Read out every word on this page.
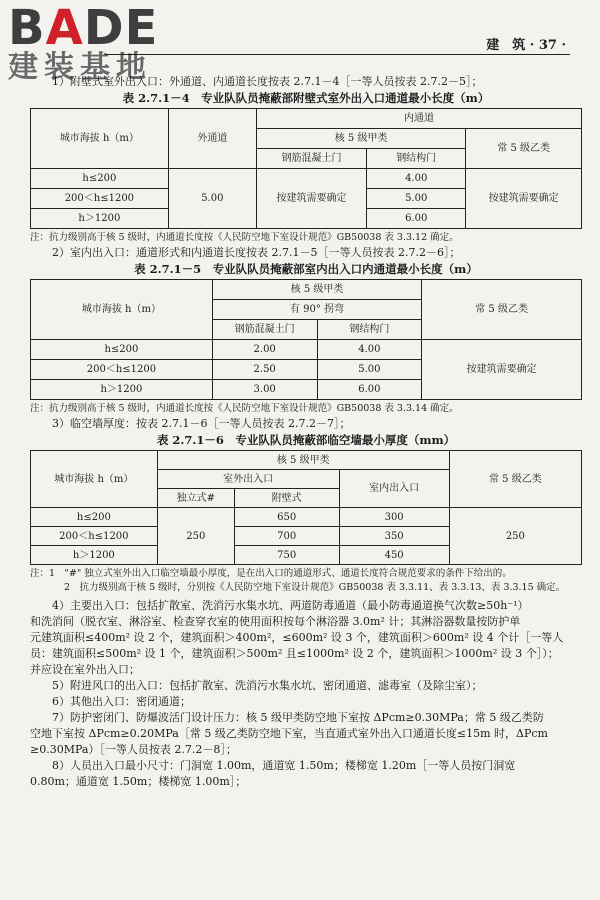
BADE
建装基地
建　筑 · 37 ·

1）附壁式室外出入口：外通道、内通道长度按表 2.7.1－4［一等人员按表 2.7.2－5］；

表 2.7.1－4　专业队队员掩蔽部附壁式室外出入口通道最小长度（m）
城市海拔 h（m）	外通道	内通道		
		核 5 级甲类		常 5 级乙类
		钢筋混凝土门	钢结构门	
h≤200	5.00	按建筑需要确定	4.00	按建筑需要确定
200＜h≤1200			5.00	
h＞1200			6.00	

注：抗力级别高于核 5 级时，内通道长度按《人民防空地下室设计规范》GB50038 表 3.3.12 确定。

2）室内出入口：通道形式和内通道长度按表 2.7.1－5［一等人员按表 2.7.2－6］；

表 2.7.1－5　专业队队员掩蔽部室内出入口内通道最小长度（m）
城市海拔 h（m）	核 5 级甲类		常 5 级乙类
	有 90° 拐弯		
	钢筋混凝土门	钢结构门	
h≤200	2.00	4.00	按建筑需要确定
200＜h≤1200	2.50	5.00	
h＞1200	3.00	6.00	

注：抗力级别高于核 5 级时，内通道长度按《人民防空地下室设计规范》GB50038 表 3.3.14 确定。

3）临空墙厚度：按表 2.7.1－6［一等人员按表 2.7.2－7］；

表 2.7.1－6　专业队队员掩蔽部临空墙最小厚度（mm）
城市海拔 h（m）	核 5 级甲类			常 5 级乙类
	室外出入口		室内出入口	
	独立式#	附壁式		
h≤200	250	650	300	250
200＜h≤1200		700	350	
h＞1200		750	450	

注：1　"#" 独立式室外出入口临空墙最小厚度，是在出入口的通道形式、通道长度符合规范要求的条件下给出的。

2　抗力级别高于核 5 级时，分别按《人民防空地下室设计规范》GB50038 表 3.3.11、表 3.3.13、表 3.3.15 确定。

4）主要出入口：包括扩散室、洗消污水集水坑、两道防毒通道（最小防毒通道换气次数≥50h⁻¹）

和洗消间（脱衣室、淋浴室、检查穿衣室的使用面积按每个淋浴器 3.0m² 计；其淋浴器数量按防护单

元建筑面积≤400m² 设 2 个，建筑面积＞400m²，≤600m² 设 3 个，建筑面积＞600m² 设 4 个计［一等人

员：建筑面积≤500m² 设 1 个，建筑面积＞500m² 且≤1000m² 设 2 个，建筑面积＞1000m² 设 3 个］）；

并应设在室外出入口；

5）附进风口的出入口：包括扩散室、洗消污水集水坑、密闭通道、滤毒室（及除尘室）；

6）其他出入口：密闭通道；

7）防护密闭门、防爆波活门设计压力：核 5 级甲类防空地下室按 ΔPcm≥0.30MPa；常 5 级乙类防

空地下室按 ΔPcm≥0.20MPa［常 5 级乙类防空地下室，当直通式室外出入口通道长度≤15m 时，ΔPcm

≥0.30MPa）［一等人员按表 2.7.2－8］；

8）人员出入口最小尺寸：门洞宽 1.00m，通道宽 1.50m；楼梯宽 1.20m［一等人员按门洞宽

0.80m；通道宽 1.50m；楼梯宽 1.00m］；
